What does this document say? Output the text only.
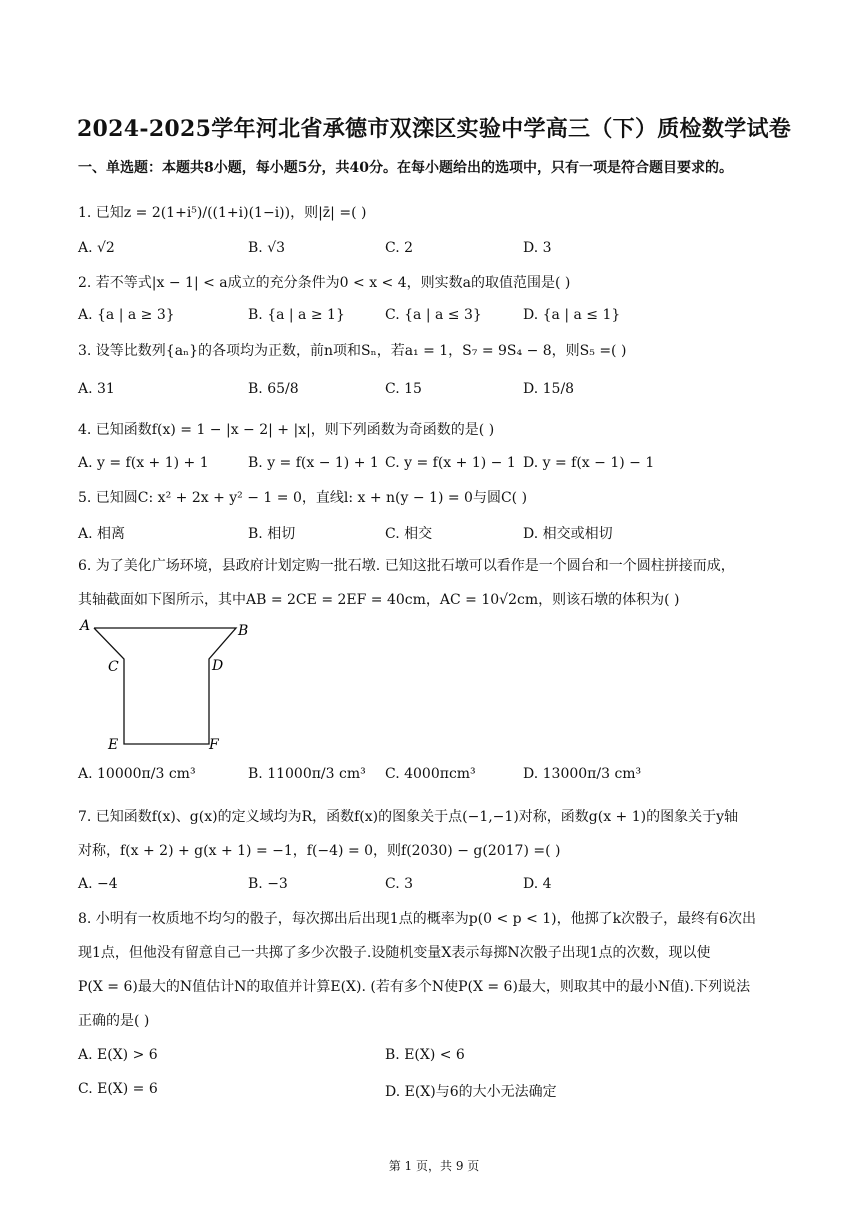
2024-2025学年河北省承德市双滦区实验中学高三（下）质检数学试卷
一、单选题：本题共8小题，每小题5分，共40分。在每小题给出的选项中，只有一项是符合题目要求的。
1. 已知z = 2(1+i⁵)/((1+i)(1−i))，则|z̄| =( )
A. √2	B. √3	C. 2	D. 3
2. 若不等式|x − 1| < a成立的充分条件为0 < x < 4，则实数a的取值范围是( )
A. {a | a ≥ 3}	B. {a | a ≥ 1}	C. {a | a ≤ 3}	D. {a | a ≤ 1}
3. 设等比数列{aₙ}的各项均为正数，前n项和Sₙ，若a₁ = 1，S₇ = 9S₄ − 8，则S₅ =( )
A. 31	B. 65/8	C. 15	D. 15/8
4. 已知函数f(x) = 1 − |x − 2| + |x|，则下列函数为奇函数的是( )
A. y = f(x + 1) + 1	B. y = f(x − 1) + 1 C. y = f(x + 1) − 1 D. y = f(x − 1) − 1
5. 已知圆C: x² + 2x + y² − 1 = 0，直线l: x + n(y − 1) = 0与圆C( )
A. 相离	B. 相切	C. 相交	D. 相交或相切
6. 为了美化广场环境，县政府计划定购一批石墩. 已知这批石墩可以看作是一个圆台和一个圆柱拼接而成，
其轴截面如下图所示，其中AB = 2CE = 2EF = 40cm，AC = 10√2cm，则该石墩的体积为( )
A	B
C	D
E	F
A. 10000π/3 cm³	B. 11000π/3 cm³ C. 4000πcm³	D. 13000π/3 cm³
7. 已知函数f(x)、g(x)的定义域均为R，函数f(x)的图象关于点(−1,−1)对称，函数g(x + 1)的图象关于y轴
对称，f(x + 2) + g(x + 1) = −1，f(−4) = 0，则f(2030) − g(2017) =( )
A. −4	B. −3	C. 3	D. 4
8. 小明有一枚质地不均匀的骰子，每次掷出后出现1点的概率为p(0 < p < 1)，他掷了k次骰子，最终有6次出
现1点，但他没有留意自己一共掷了多少次骰子.设随机变量X表示每掷N次骰子出现1点的次数，现以使
P(X = 6)最大的N值估计N的取值并计算E(X). (若有多个N使P(X = 6)最大，则取其中的最小N值).下列说法
正确的是( )
A. E(X) > 6	B. E(X) < 6
C. E(X) = 6	D. E(X)与6的大小无法确定
第 1 页，共 9 页
